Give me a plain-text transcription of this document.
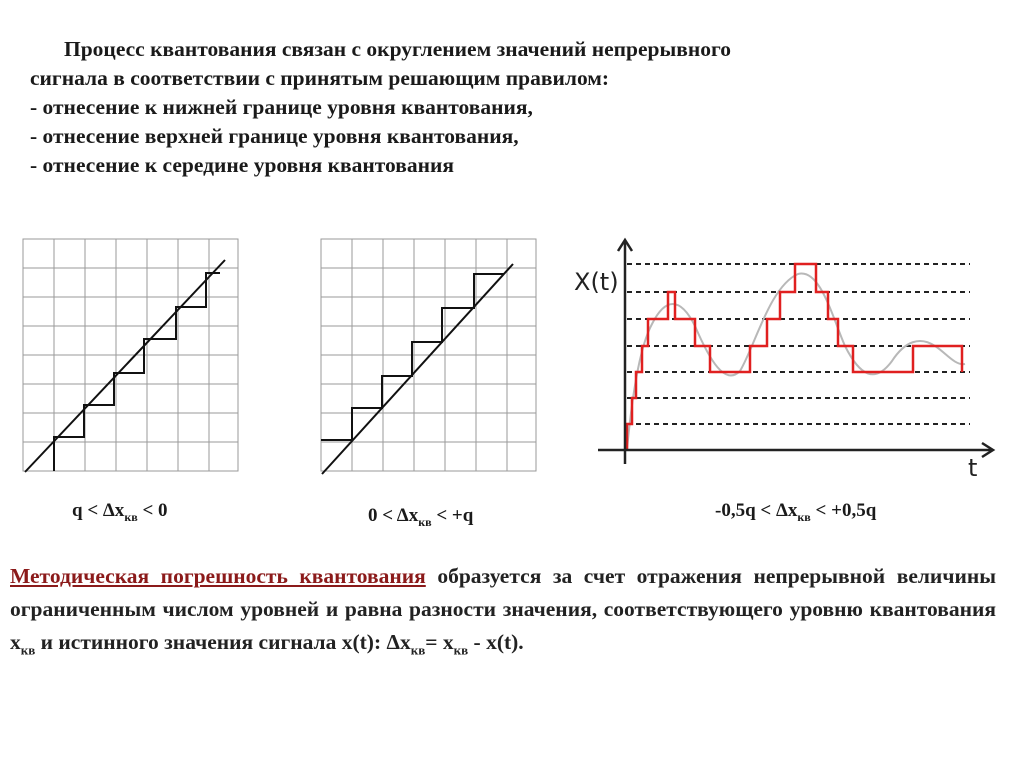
Процесс квантования связан с округлением значений непрерывного
сигнала в соответствии с принятым решающим правилом:
- отнесение к нижней границе уровня квантования,
- отнесение верхней границе уровня квантования,
- отнесение к середине уровня квантования
X(t)
t
$q < \Delta x_{кв} < 0$	$0 < \Delta x_{кв} < +q$	$-0,5q < \Delta x_{кв} < +0,5q$
Методическая погрешность квантования образуется за счет отражения непрерывной величины ограниченным числом уровней и равна разности значения, соответствующего уровню квантования $x_{кв}$ и истинного значения сигнала x(t): $\Delta x_{кв}= x_{кв} - x(t)$.
